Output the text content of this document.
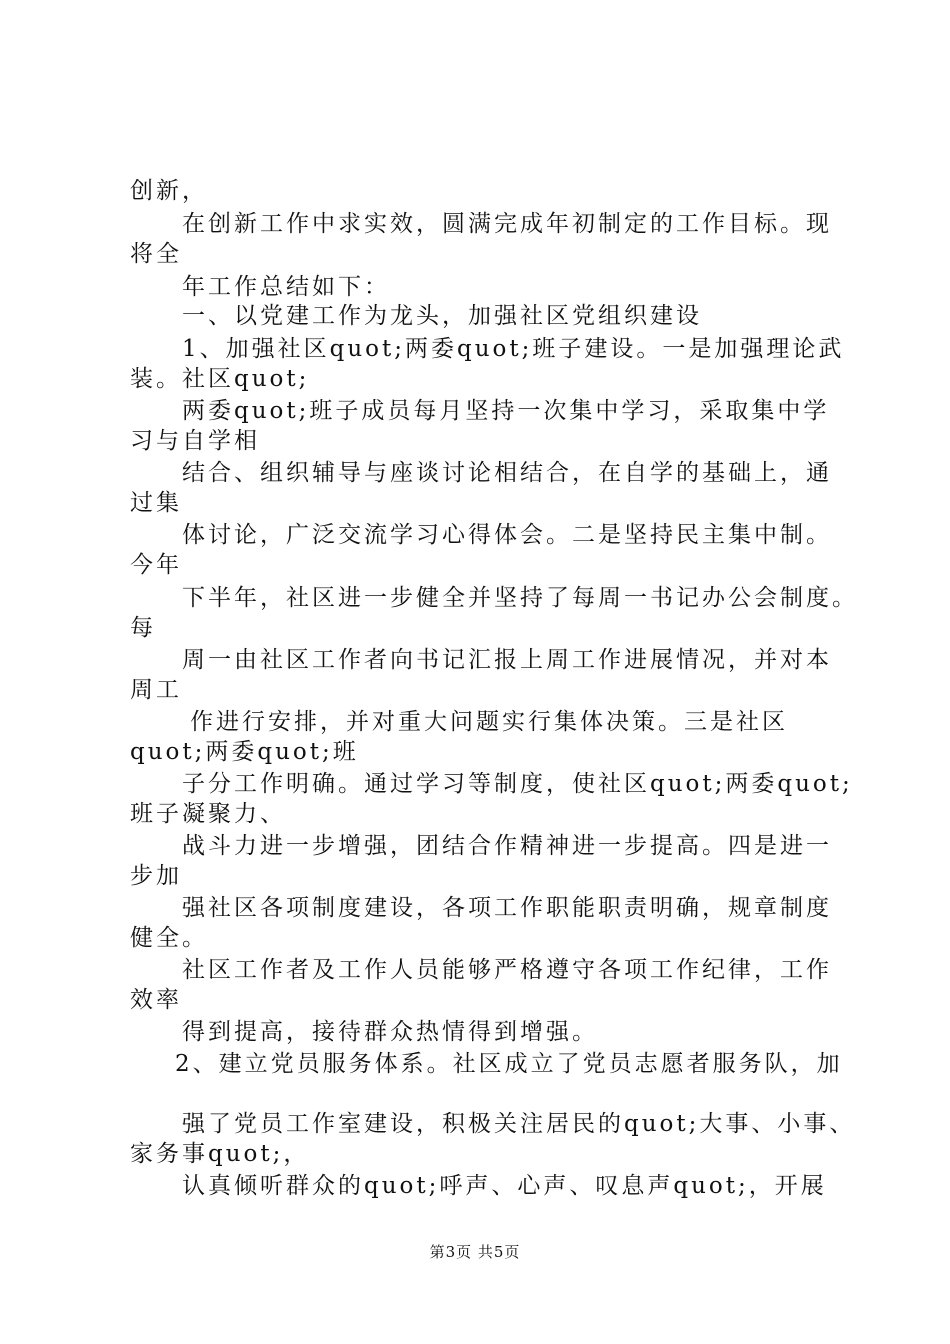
创新，
在创新工作中求实效，圆满完成年初制定的工作目标。现
将全
年工作总结如下：
一、以党建工作为龙头，加强社区党组织建设
1、加强社区quot;两委quot;班子建设。一是加强理论武
装。社区quot;
两委quot;班子成员每月坚持一次集中学习，采取集中学
习与自学相
结合、组织辅导与座谈讨论相结合，在自学的基础上，通
过集
体讨论，广泛交流学习心得体会。二是坚持民主集中制。
今年
下半年，社区进一步健全并坚持了每周一书记办公会制度。
每
周一由社区工作者向书记汇报上周工作进展情况，并对本
周工
作进行安排，并对重大问题实行集体决策。三是社区
quot;两委quot;班
子分工作明确。通过学习等制度，使社区quot;两委quot;
班子凝聚力、
战斗力进一步增强，团结合作精神进一步提高。四是进一
步加
强社区各项制度建设，各项工作职能职责明确，规章制度
健全。
社区工作者及工作人员能够严格遵守各项工作纪律，工作
效率
得到提高，接待群众热情得到增强。
2、建立党员服务体系。社区成立了党员志愿者服务队，加
强了党员工作室建设，积极关注居民的quot;大事、小事、
家务事quot;，
认真倾听群众的quot;呼声、心声、叹息声quot;，开展
第3页 共5页
